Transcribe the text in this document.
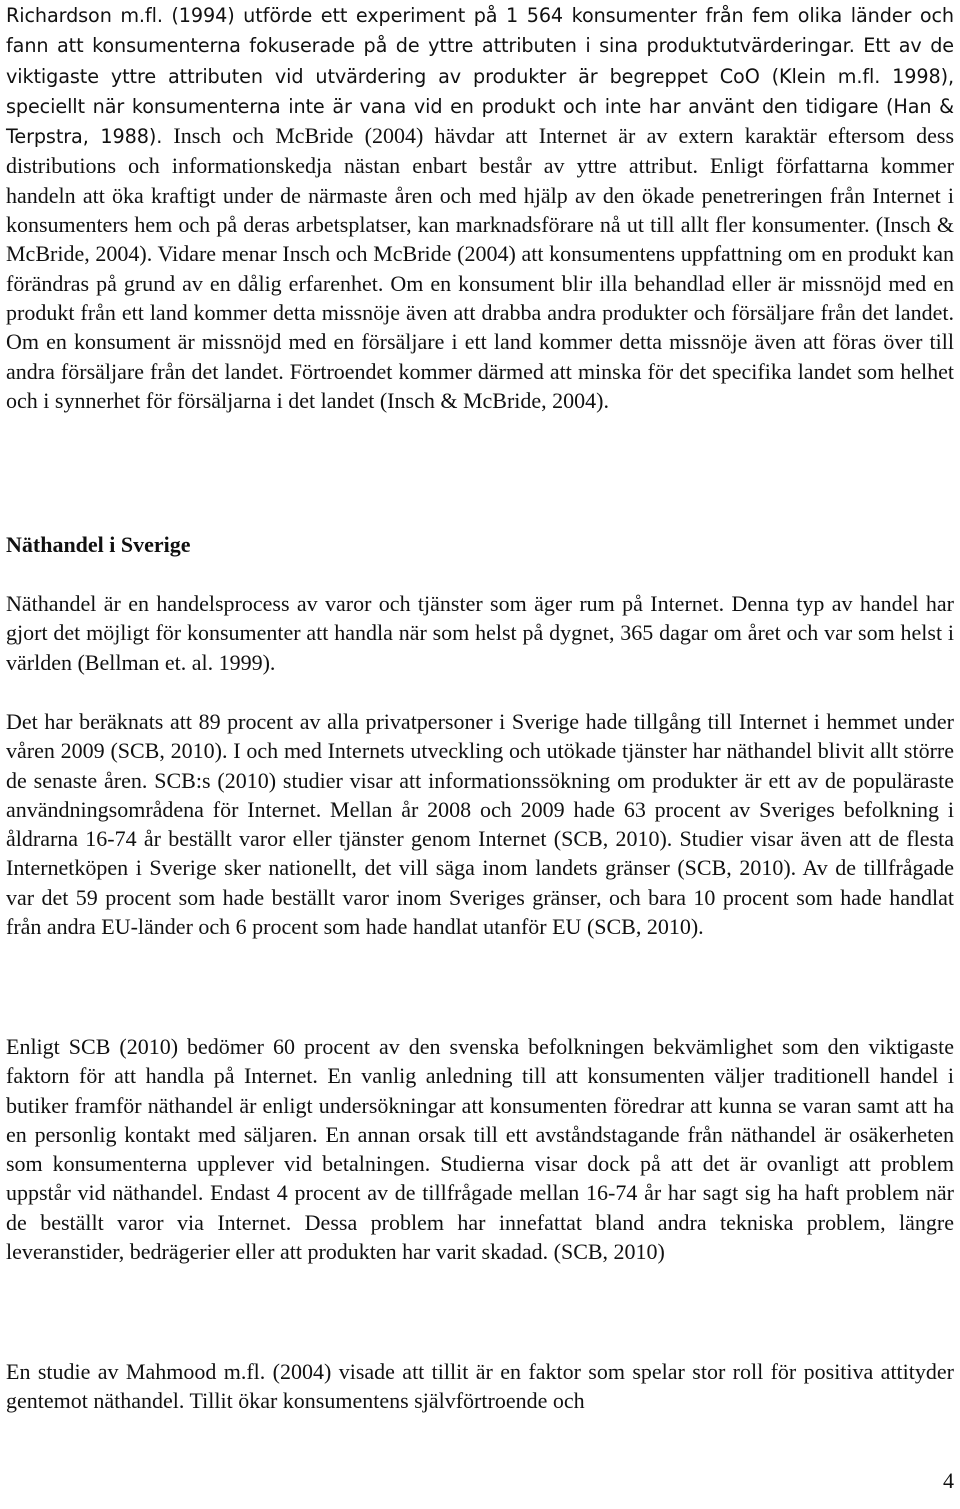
Richardson m.fl. (1994) utförde ett experiment på 1 564 konsumenter från fem olika länder och fann att konsumenterna fokuserade på de yttre attributen i sina produktutvärderingar. Ett av de viktigaste yttre attributen vid utvärdering av produkter är begreppet CoO (Klein m.fl. 1998), speciellt när konsumenterna inte är vana vid en produkt och inte har använt den tidigare (Han & Terpstra, 1988). Insch och McBride (2004) hävdar att Internet är av extern karaktär eftersom dess distributions och informationskedja nästan enbart består av yttre attribut. Enligt författarna kommer handeln att öka kraftigt under de närmaste åren och med hjälp av den ökade penetreringen från Internet i konsumenters hem och på deras arbetsplatser, kan marknadsförare nå ut till allt fler konsumenter. (Insch & McBride, 2004). Vidare menar Insch och McBride (2004) att konsumentens uppfattning om en produkt kan förändras på grund av en dålig erfarenhet. Om en konsument blir illa behandlad eller är missnöjd med en produkt från ett land kommer detta missnöje även att drabba andra produkter och försäljare från det landet. Om en konsument är missnöjd med en försäljare i ett land kommer detta missnöje även att föras över till andra försäljare från det landet. Förtroendet kommer därmed att minska för det specifika landet som helhet och i synnerhet för försäljarna i det landet (Insch & McBride, 2004).

Näthandel i Sverige

Näthandel är en handelsprocess av varor och tjänster som äger rum på Internet. Denna typ av handel har gjort det möjligt för konsumenter att handla när som helst på dygnet, 365 dagar om året och var som helst i världen (Bellman et. al. 1999).

Det har beräknats att 89 procent av alla privatpersoner i Sverige hade tillgång till Internet i hemmet under våren 2009 (SCB, 2010). I och med Internets utveckling och utökade tjänster har näthandel blivit allt större de senaste åren. SCB:s (2010) studier visar att informationssökning om produkter är ett av de populäraste användningsområdena för Internet. Mellan år 2008 och 2009 hade 63 procent av Sveriges befolkning i åldrarna 16-74 år beställt varor eller tjänster genom Internet (SCB, 2010). Studier visar även att de flesta Internetköpen i Sverige sker nationellt, det vill säga inom landets gränser (SCB, 2010). Av de tillfrågade var det 59 procent som hade beställt varor inom Sveriges gränser, och bara 10 procent som hade handlat från andra EU-länder och 6 procent som hade handlat utanför EU (SCB, 2010).

Enligt SCB (2010) bedömer 60 procent av den svenska befolkningen bekvämlighet som den viktigaste faktorn för att handla på Internet. En vanlig anledning till att konsumenten väljer traditionell handel i butiker framför näthandel är enligt undersökningar att konsumenten föredrar att kunna se varan samt att ha en personlig kontakt med säljaren. En annan orsak till ett avståndstagande från näthandel är osäkerheten som konsumenterna upplever vid betalningen. Studierna visar dock på att det är ovanligt att problem uppstår vid näthandel. Endast 4 procent av de tillfrågade mellan 16-74 år har sagt sig ha haft problem när de beställt varor via Internet. Dessa problem har innefattat bland andra tekniska problem, längre leveranstider, bedrägerier eller att produkten har varit skadad. (SCB, 2010)

En studie av Mahmood m.fl. (2004) visade att tillit är en faktor som spelar stor roll för positiva attityder gentemot näthandel. Tillit ökar konsumentens självförtroende och

4
